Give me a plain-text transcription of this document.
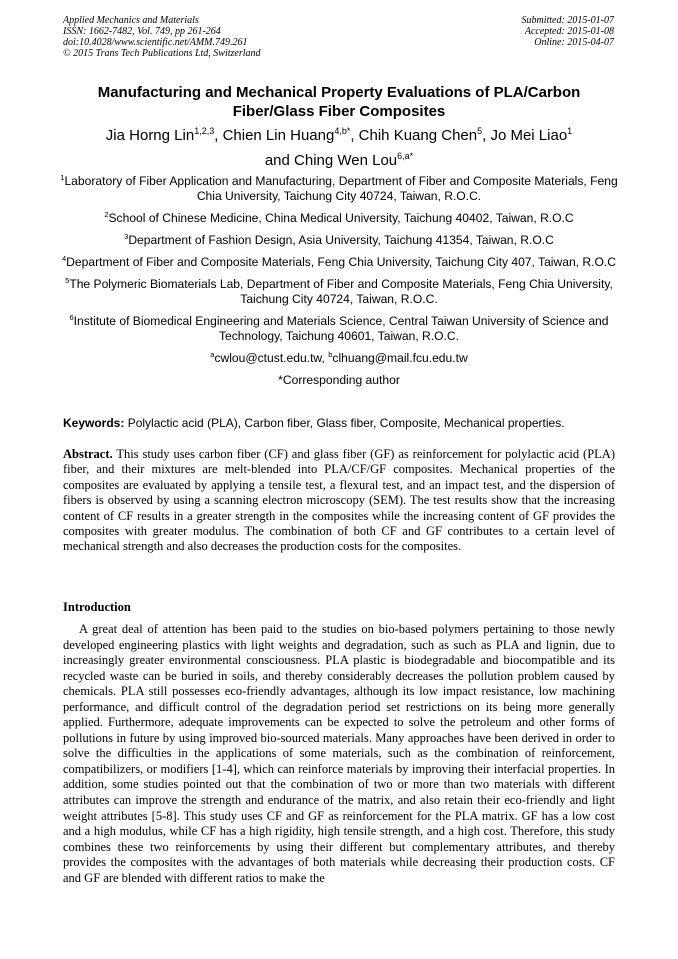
Applied Mechanics and Materials
ISSN: 1662-7482, Vol. 749, pp 261-264
doi:10.4028/www.scientific.net/AMM.749.261
© 2015 Trans Tech Publications Ltd, Switzerland
Submitted: 2015-01-07
Accepted: 2015-01-08
Online: 2015-04-07
Manufacturing and Mechanical Property Evaluations of PLA/Carbon Fiber/Glass Fiber Composites
Jia Horng Lin$^{1,2,3}$, Chien Lin Huang$^{4,b*}$, Chih Kuang Chen$^5$, Jo Mei Liao$^1$
and Ching Wen Lou$^{6,a*}$
$^1$Laboratory of Fiber Application and Manufacturing, Department of Fiber and Composite Materials, Feng Chia University, Taichung City 40724, Taiwan, R.O.C.
$^2$School of Chinese Medicine, China Medical University, Taichung 40402, Taiwan, R.O.C
$^3$Department of Fashion Design, Asia University, Taichung 41354, Taiwan, R.O.C
$^4$Department of Fiber and Composite Materials, Feng Chia University, Taichung City 407, Taiwan, R.O.C
$^5$The Polymeric Biomaterials Lab, Department of Fiber and Composite Materials, Feng Chia University, Taichung City 40724, Taiwan, R.O.C.
$^6$Institute of Biomedical Engineering and Materials Science, Central Taiwan University of Science and Technology, Taichung 40601, Taiwan, R.O.C.
$^a$cwlou@ctust.edu.tw, $^b$clhuang@mail.fcu.edu.tw
*Corresponding author
Keywords: Polylactic acid (PLA), Carbon fiber, Glass fiber, Composite, Mechanical properties.
Abstract. This study uses carbon fiber (CF) and glass fiber (GF) as reinforcement for polylactic acid (PLA) fiber, and their mixtures are melt-blended into PLA/CF/GF composites. Mechanical properties of the composites are evaluated by applying a tensile test, a flexural test, and an impact test, and the dispersion of fibers is observed by using a scanning electron microscopy (SEM). The test results show that the increasing content of CF results in a greater strength in the composites while the increasing content of GF provides the composites with greater modulus. The combination of both CF and GF contributes to a certain level of mechanical strength and also decreases the production costs for the composites.
Introduction
A great deal of attention has been paid to the studies on bio-based polymers pertaining to those newly developed engineering plastics with light weights and degradation, such as such as PLA and lignin, due to increasingly greater environmental consciousness. PLA plastic is biodegradable and biocompatible and its recycled waste can be buried in soils, and thereby considerably decreases the pollution problem caused by chemicals. PLA still possesses eco-friendly advantages, although its low impact resistance, low machining performance, and difficult control of the degradation period set restrictions on its being more generally applied. Furthermore, adequate improvements can be expected to solve the petroleum and other forms of pollutions in future by using improved bio-sourced materials. Many approaches have been derived in order to solve the difficulties in the applications of some materials, such as the combination of reinforcement, compatibilizers, or modifiers [1-4], which can reinforce materials by improving their interfacial properties. In addition, some studies pointed out that the combination of two or more than two materials with different attributes can improve the strength and endurance of the matrix, and also retain their eco-friendly and light weight attributes [5-8]. This study uses CF and GF as reinforcement for the PLA matrix. GF has a low cost and a high modulus, while CF has a high rigidity, high tensile strength, and a high cost. Therefore, this study combines these two reinforcements by using their different but complementary attributes, and thereby provides the composites with the advantages of both materials while decreasing their production costs. CF and GF are blended with different ratios to make the
